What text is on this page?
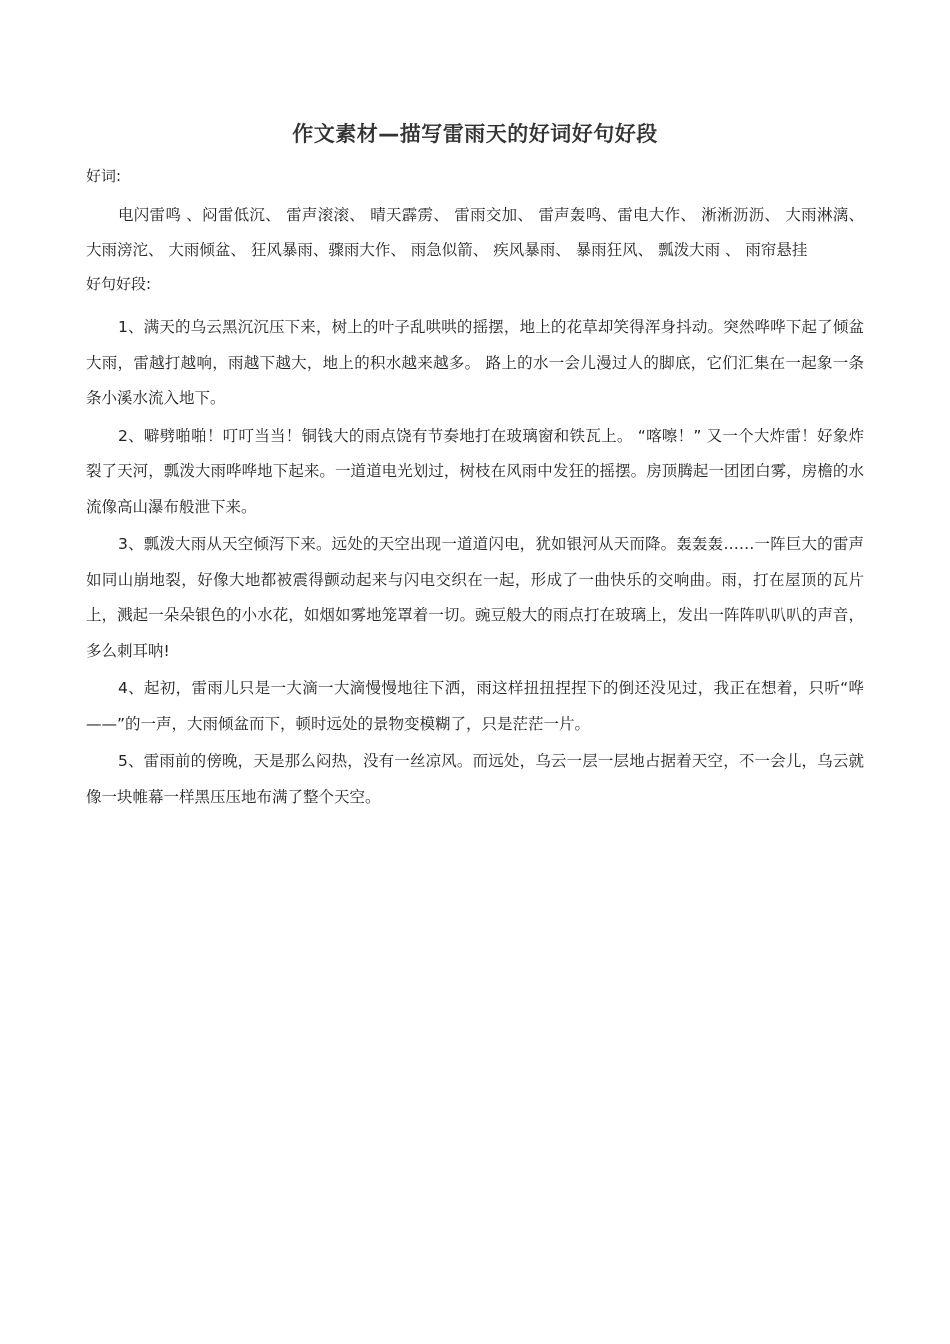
作文素材—描写雷雨天的好词好句好段
好词:

电闪雷鸣 、闷雷低沉、 雷声滚滚、 晴天霹雳、 雷雨交加、 雷声轰鸣、雷电大作、 淅淅沥沥、 大雨淋漓、 大雨滂沱、 大雨倾盆、 狂风暴雨、骤雨大作、 雨急似箭、 疾风暴雨、 暴雨狂风、 瓢泼大雨 、 雨帘悬挂

好句好段:

1、满天的乌云黑沉沉压下来，树上的叶子乱哄哄的摇摆，地上的花草却笑得浑身抖动。突然哗哗下起了倾盆大雨，雷越打越响，雨越下越大，地上的积水越来越多。 路上的水一会儿漫过人的脚底，它们汇集在一起象一条条小溪水流入地下。

2、噼劈啪啪！叮叮当当！铜钱大的雨点饶有节奏地打在玻璃窗和铁瓦上。 “喀嚓！” 又一个大炸雷！好象炸裂了天河，瓢泼大雨哗哗地下起来。一道道电光划过，树枝在风雨中发狂的摇摆。房顶腾起一团团白雾，房檐的水流像高山瀑布般泄下来。

3、瓢泼大雨从天空倾泻下来。远处的天空出现一道道闪电，犹如银河从天而降。轰轰轰……一阵巨大的雷声如同山崩地裂，好像大地都被震得颤动起来与闪电交织在一起，形成了一曲快乐的交响曲。雨，打在屋顶的瓦片上，溅起一朵朵银色的小水花，如烟如雾地笼罩着一切。豌豆般大的雨点打在玻璃上，发出一阵阵叭叭叭的声音，多么刺耳呐!

4、起初，雷雨儿只是一大滴一大滴慢慢地往下洒，雨这样扭扭捏捏下的倒还没见过，我正在想着，只听“哗——”的一声，大雨倾盆而下，顿时远处的景物变模糊了，只是茫茫一片。

5、雷雨前的傍晚，天是那么闷热，没有一丝凉风。而远处，乌云一层一层地占据着天空，不一会儿，乌云就像一块帷幕一样黑压压地布满了整个天空。
